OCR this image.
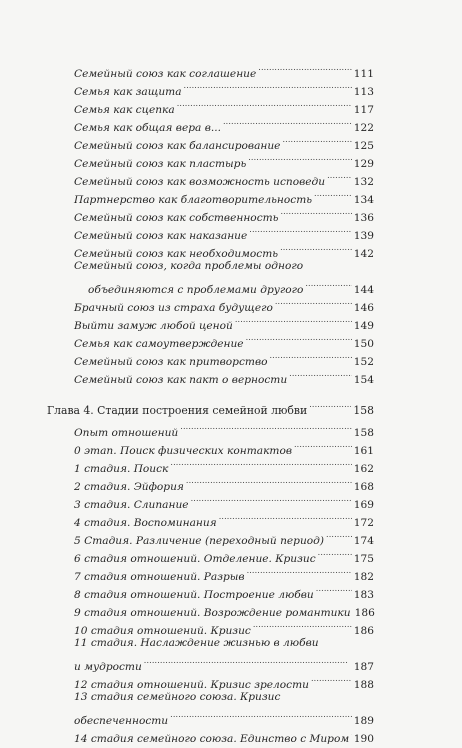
Семейный союз как соглашение . . .	111
Семья как защита . . .	113
Семья как сцепка . . .	117
Семья как общая вера в... . . .	122
Семейный союз как балансирование . . .	125
Семейный союз как пластырь . . .	129
Семейный союз как возможность исповеди . . .	132
Партнерство как благотворительность . . .	134
Семейный союз как собственность . . .	136
Семейный союз как наказание . . .	139
Семейный союз как необходимость . . .	142
Семейный союз, когда проблемы одного
объединяются с проблемами другого . . .	144
Брачный союз из страха будущего . . .	146
Выйти замуж любой ценой . . .	149
Семья как самоутверждение . . .	150
Семейный союз как притворство . . .	152
Семейный союз как пакт о верности . . .	154
Глава 4. Стадии построения семейной любви . . .	158
Опыт отношений . . .	158
0 этап. Поиск физических контактов . . .	161
1 стадия. Поиск . . .	162
2 стадия. Эйфория . . .	168
3 стадия. Слипание . . .	169
4 стадия. Воспоминания . . .	172
5 Стадия. Различение (переходный период) . . .	174
6 стадия отношений. Отделение. Кризис . . .	175
7 стадия отношений. Разрыв . . .	182
8 стадия отношений. Построение любви . . .	183
9 стадия отношений. Возрождение романтики 186
10 стадия отношений. Кризис . . .	186
11 стадия. Наслаждение жизнью в любви
и мудрости . . .	187
12 стадия отношений. Кризис зрелости . . .	188
13 стадия семейного союза. Кризис
обеспеченности . . .	189
14 стадия семейного союза. Единство с Миром . . . 190
